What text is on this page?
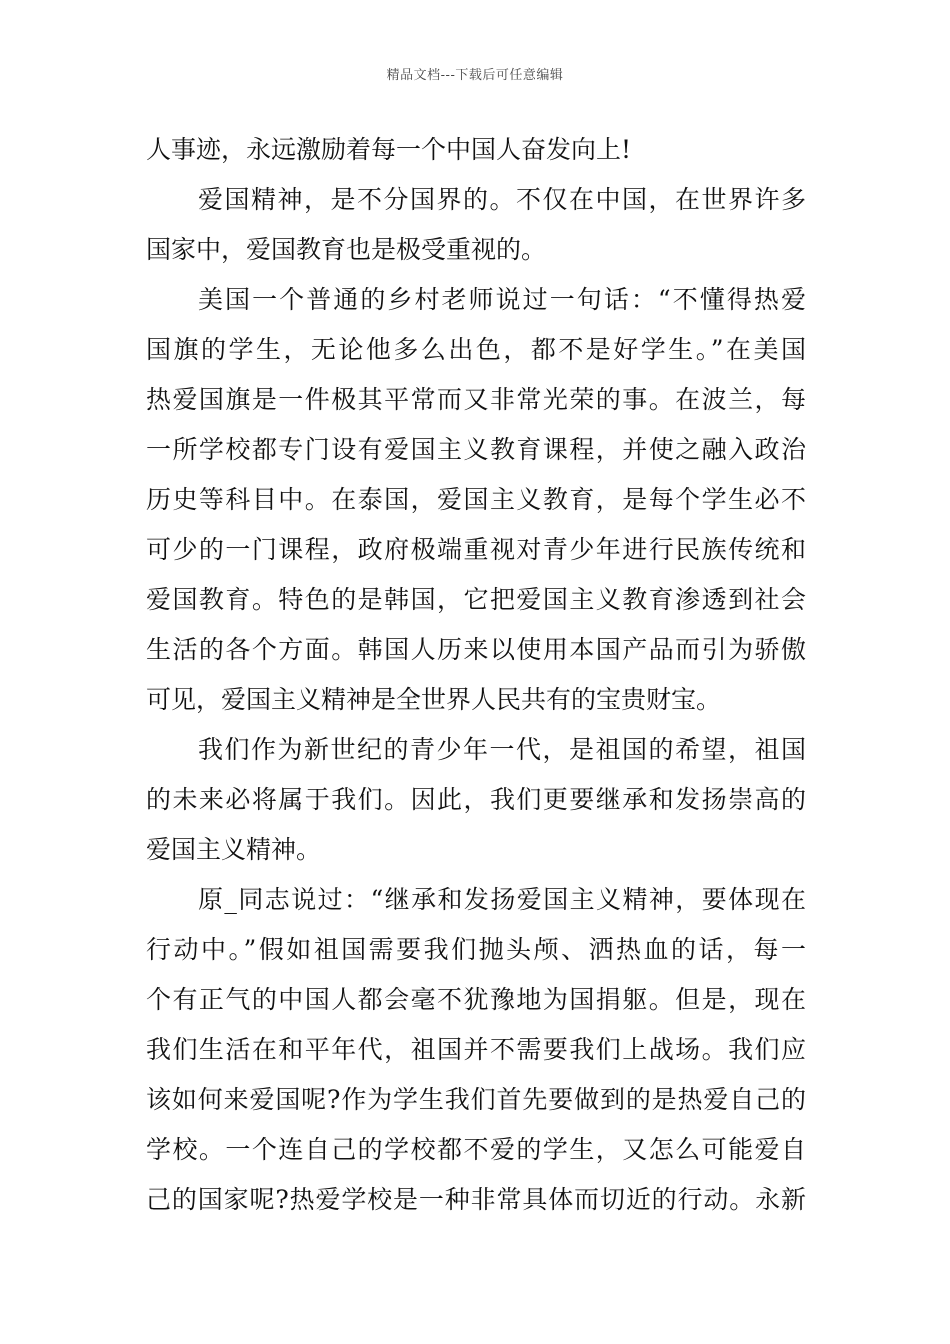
精品文档---下载后可任意编辑
人事迹，永远激励着每一个中国人奋发向上!
爱国精神，是不分国界的。不仅在中国，在世界许多
国家中，爱国教育也是极受重视的。
美国一个普通的乡村老师说过一句话：“不懂得热爱
国旗的学生，无论他多么出色，都不是好学生。”在美国
热爱国旗是一件极其平常而又非常光荣的事。在波兰，每
一所学校都专门设有爱国主义教育课程，并使之融入政治
历史等科目中。在泰国，爱国主义教育，是每个学生必不
可少的一门课程，政府极端重视对青少年进行民族传统和
爱国教育。特色的是韩国，它把爱国主义教育渗透到社会
生活的各个方面。韩国人历来以使用本国产品而引为骄傲
可见，爱国主义精神是全世界人民共有的宝贵财宝。
我们作为新世纪的青少年一代，是祖国的希望，祖国
的未来必将属于我们。因此，我们更要继承和发扬崇高的
爱国主义精神。
原_同志说过：“继承和发扬爱国主义精神，要体现在
行动中。”假如祖国需要我们抛头颅、洒热血的话，每一
个有正气的中国人都会毫不犹豫地为国捐躯。但是，现在
我们生活在和平年代，祖国并不需要我们上战场。我们应
该如何来爱国呢?作为学生我们首先要做到的是热爱自己的
学校。一个连自己的学校都不爱的学生，又怎么可能爱自
己的国家呢?热爱学校是一种非常具体而切近的行动。永新
